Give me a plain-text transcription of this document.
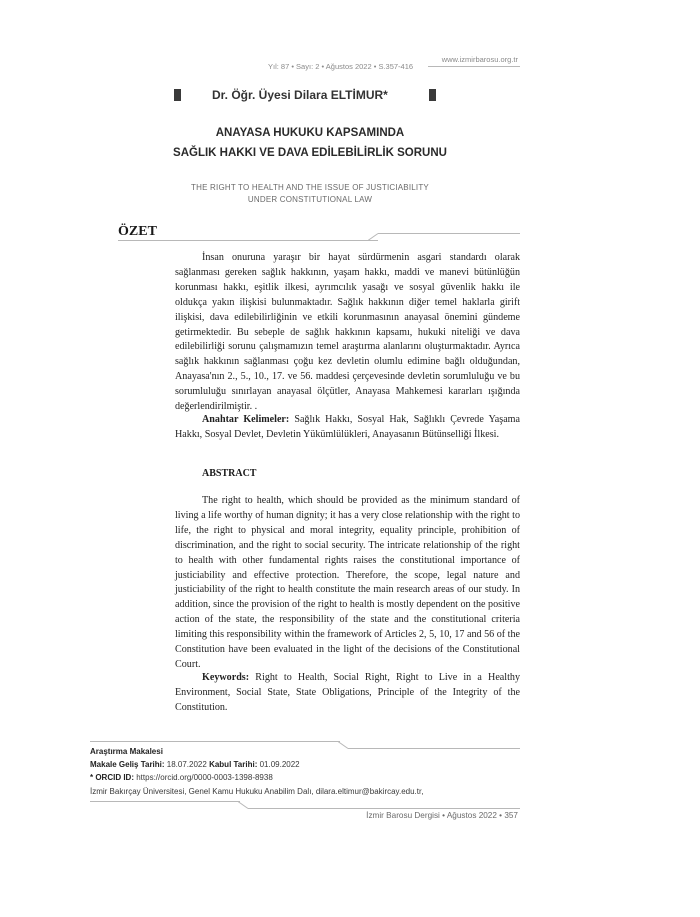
www.izmirbarosu.org.tr
Yıl: 87 • Sayı: 2 • Ağustos 2022 • S.357-416
Dr. Öğr. Üyesi Dilara ELTİMUR*
ANAYASA HUKUKU KAPSAMINDA
SAĞLIK HAKKI VE DAVA EDİLEBİLİRLİK SORUNU
THE RIGHT TO HEALTH AND THE ISSUE OF JUSTICIABILITY
UNDER CONSTITUTIONAL LAW
ÖZET
İnsan onuruna yaraşır bir hayat sürdürmenin asgari standardı olarak sağlanması gereken sağlık hakkının, yaşam hakkı, maddi ve manevi bütünlüğün korunması hakkı, eşitlik ilkesi, ayrımcılık yasağı ve sosyal güvenlik hakkı ile oldukça yakın ilişkisi bulunmaktadır. Sağlık hakkının diğer temel haklarla girift ilişkisi, dava edilebilirliğinin ve etkili korunmasının anayasal önemini gündeme getirmektedir. Bu sebeple de sağlık hakkının kapsamı, hukuki niteliği ve dava edilebilirliği sorunu çalışmamızın temel araştırma alanlarını oluşturmaktadır. Ayrıca sağlık hakkının sağlanması çoğu kez devletin olumlu edimine bağlı olduğundan, Anayasa'nın 2., 5., 10., 17. ve 56. maddesi çerçevesinde devletin sorumluluğu ve bu sorumluluğu sınırlayan anayasal ölçütler, Anayasa Mahkemesi kararları ışığında değerlendirilmiştir. .
Anahtar Kelimeler: Sağlık Hakkı, Sosyal Hak, Sağlıklı Çevrede Yaşama Hakkı, Sosyal Devlet, Devletin Yükümlülükleri, Anayasanın Bütünselliği İlkesi.
ABSTRACT
The right to health, which should be provided as the minimum standard of living a life worthy of human dignity; it has a very close relationship with the right to life, the right to physical and moral integrity, equality principle, prohibition of discrimination, and the right to social security. The intricate relationship of the right to health with other fundamental rights raises the constitutional importance of justiciability and effective protection. Therefore, the scope, legal nature and justiciability of the right to health constitute the main research areas of our study. In addition, since the provision of the right to health is mostly dependent on the positive action of the state, the responsibility of the state and the constitutional criteria limiting this responsibility within the framework of Articles 2, 5, 10, 17 and 56 of the Constitution have been evaluated in the light of the decisions of the Constitutional Court.
Keywords: Right to Health, Social Right, Right to Live in a Healthy Environment, Social State, State Obligations, Principle of the Integrity of the Constitution.
Araştırma Makalesi
Makale Geliş Tarihi: 18.07.2022 Kabul Tarihi: 01.09.2022
* ORCID ID: https://orcid.org/0000-0003-1398-8938
İzmir Bakırçay Üniversitesi, Genel Kamu Hukuku Anabilim Dalı, dilara.eltimur@bakircay.edu.tr,
İzmir Barosu Dergisi • Ağustos 2022 • 357
